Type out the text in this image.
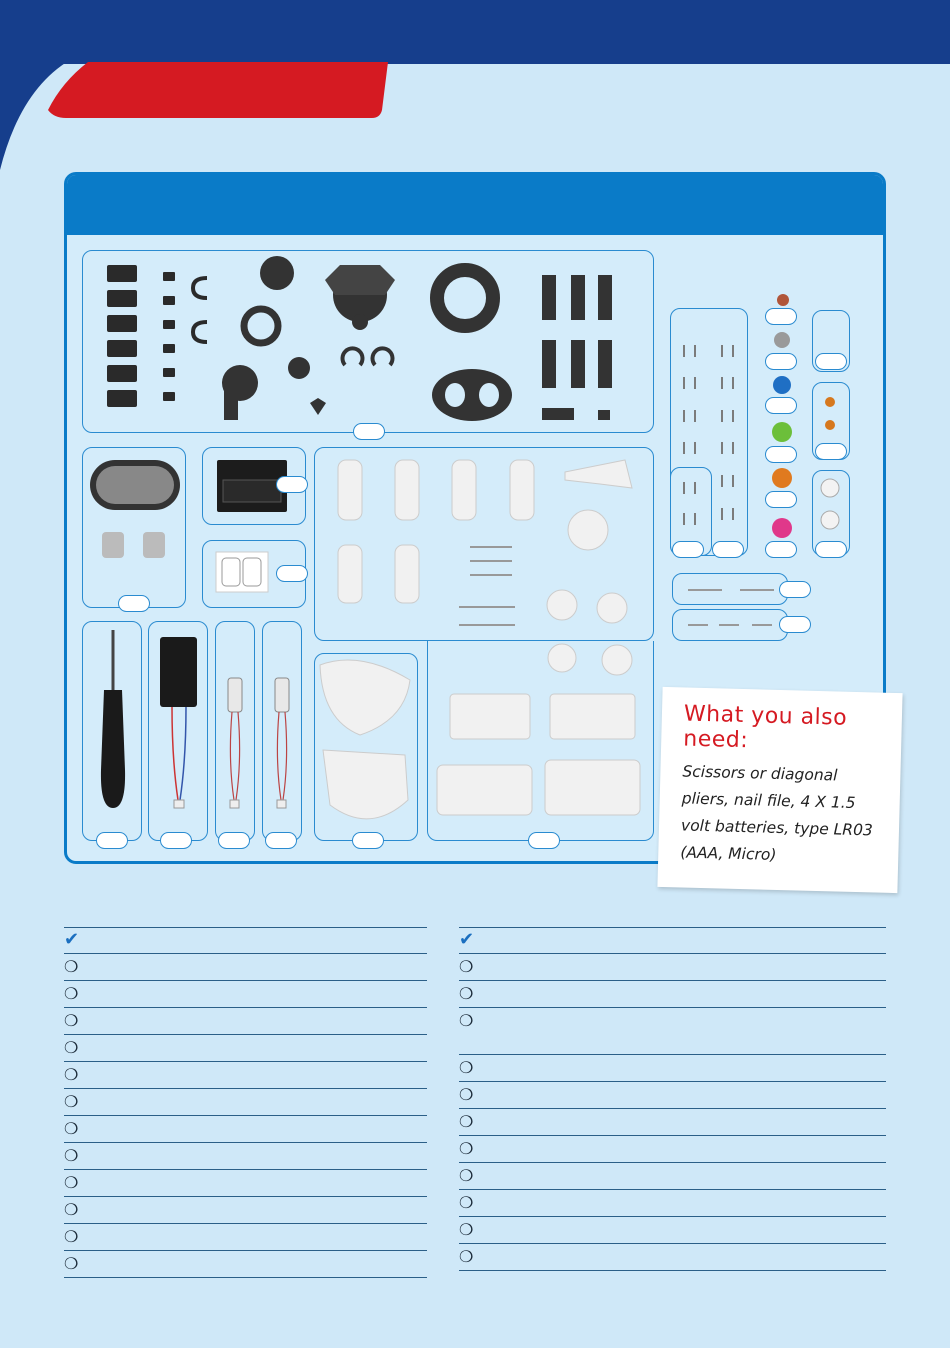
What you also need:
Scissors or diagonal pliers, nail file, 4 X 1.5 volt batteries, type LR03 (AAA, Micro)
✔
❍
❍
❍
❍
❍
❍
❍
❍
❍
❍
❍
❍
✔
❍
❍
❍
❍
❍
❍
❍
❍
❍
❍
❍
